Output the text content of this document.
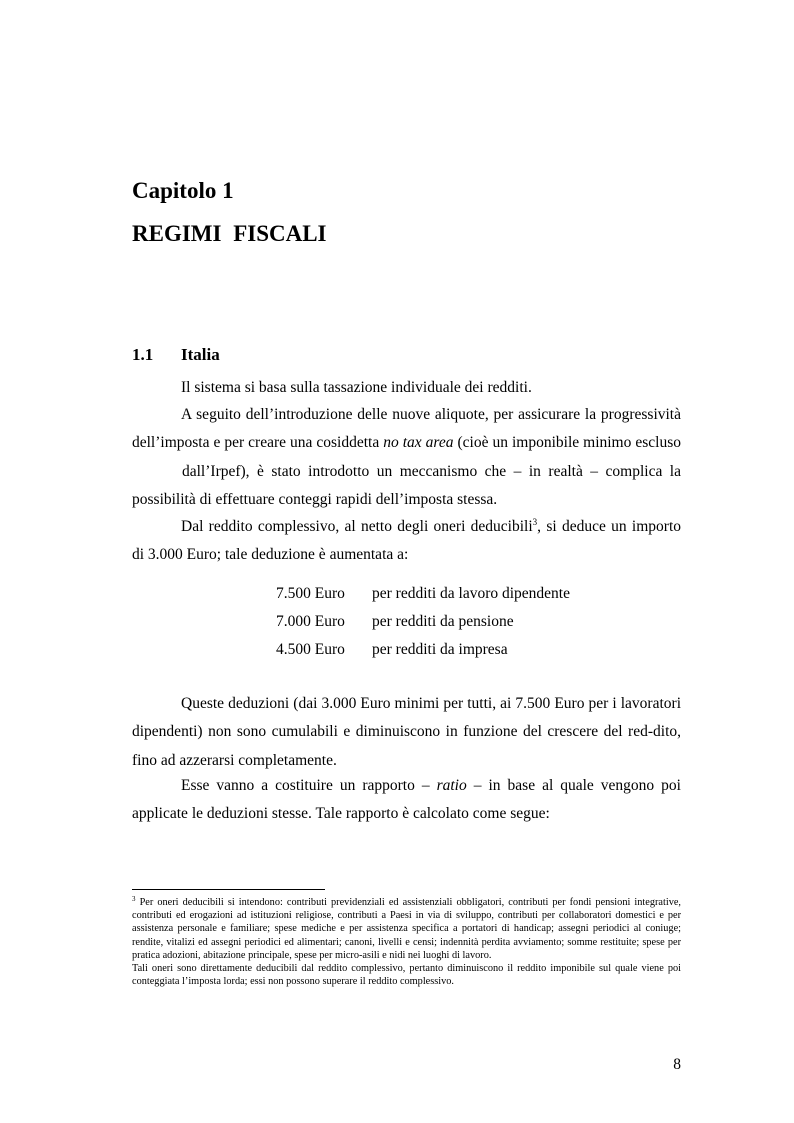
Capitolo 1
REGIMI FISCALI
1.1 Italia

Il sistema si basa sulla tassazione individuale dei redditi.

A seguito dell’introduzione delle nuove aliquote, per assicurare la progressività dell’imposta e per creare una cosiddetta no tax area (cioè un imponibile minimo esclusodall’Irpef), è stato introdotto un meccanismo che – in realtà – complica la possibilità di effettuare conteggi rapidi dell’imposta stessa.

Dal reddito complessivo, al netto degli oneri deducibili$^3$, si deduce un importo di 3.000 Euro; tale deduzione è aumentata a:

7.500 Euro per redditi da lavoro dipendente
7.000 Euro per redditi da pensione
4.500 Euro per redditi da impresa

Queste deduzioni (dai 3.000 Euro minimi per tutti, ai 7.500 Euro per i lavoratori dipendenti) non sono cumulabili e diminuiscono in funzione del crescere del red-dito, fino ad azzerarsi completamente.

Esse vanno a costituire un rapporto – ratio – in base al quale vengono poi applicate le deduzioni stesse. Tale rapporto è calcolato come segue:

$^3$ Per oneri deducibili si intendono: contributi previdenziali ed assistenziali obbligatori, contributi per fondi pensioni integrative, contributi ed erogazioni ad istituzioni religiose, contributi a Paesi in via di sviluppo, contributi per collaboratori domestici e per assistenza personale e familiare; spese mediche e per assistenza specifica a portatori di handicap; assegni periodici al coniuge; rendite, vitalizi ed assegni periodici ed alimentari; canoni, livelli e censi; indennità perdita avviamento; somme restituite; spese per pratica adozioni, abitazione principale, spese per micro-asili e nidi nei luoghi di lavoro.
Tali oneri sono direttamente deducibili dal reddito complessivo, pertanto diminuiscono il reddito imponibile sul quale viene poi conteggiata l’imposta lorda; essi non possono superare il reddito complessivo.

8
